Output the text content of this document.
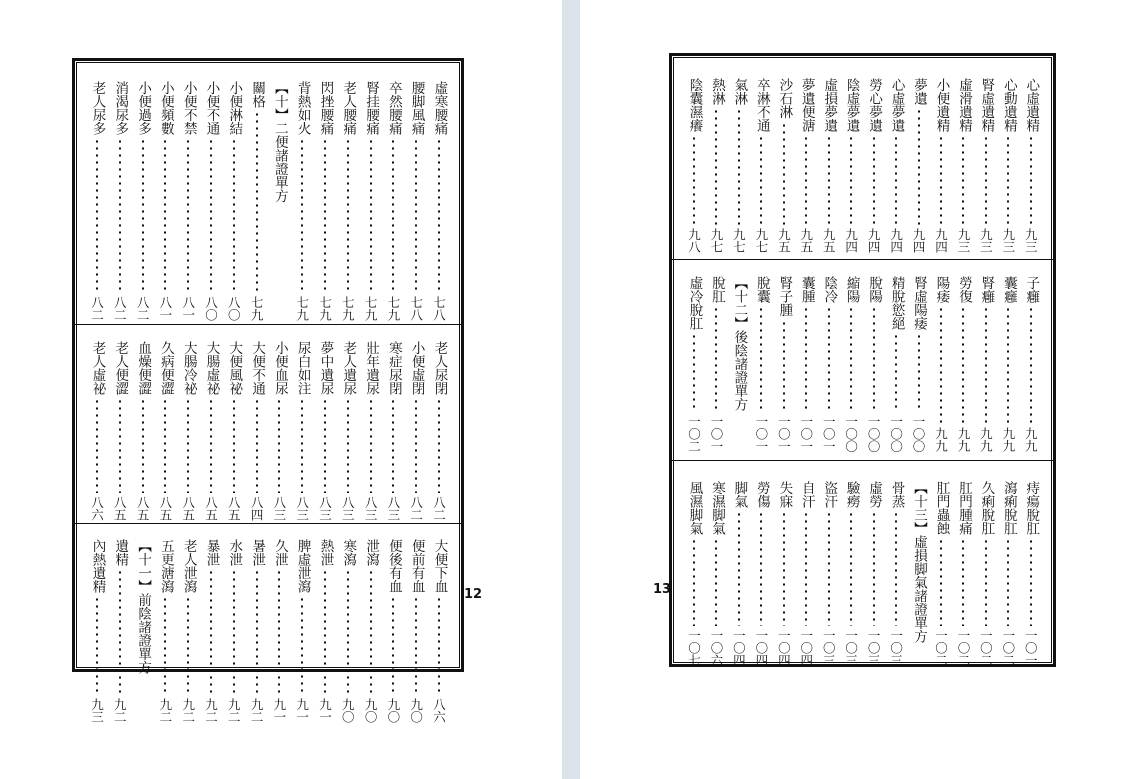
虛寒腰痛
七八
腰脚風痛
七八
卒然腰痛
七九
腎挂腰痛
七九
老人腰痛
七九
閃挫腰痛
七九
背熱如火
七九
【十】二便諸證單方
關格
七九
小便淋結
八〇
小便不通
八〇
小便不禁
八一
小便頻數
八一
小便過多
八二
消渴尿多
八二
老人尿多
八二
老人尿閉
八二
小便虛閉
八二
寒症尿閉
八三
壯年遺尿
八三
老人遺尿
八三
夢中遺尿
八三
尿白如注
八三
小便血尿
八三
大便不通
八四
大便風祕
八五
大腸虛祕
八五
大腸冷祕
八五
久病便澀
八五
血燥便澀
八五
老人便澀
八五
老人虛祕
八六
大便下血
八六
便前有血
九〇
便後有血
九〇
泄瀉
九〇
寒瀉
九〇
熱泄
九一
脾虛泄瀉
九一
久泄
九一
暑泄
九二
水泄
九二
暴泄
九二
老人泄瀉
九二
五更溏瀉
九二
【十一】前陰諸證單方
遺精
九二
內熱遺精
九三
12
心虛遺精
九三
心動遺精
九三
腎虛遺精
九三
虛滑遺精
九三
小便遺精
九四
夢遺
九四
心虛夢遺
九四
勞心夢遺
九四
陰虛夢遺
九四
虛損夢遺
九五
夢遺便溏
九五
沙石淋
九五
卒淋不通
九七
氣淋
九七
熱淋
九七
陰囊濕癢
九八
子癰
九九
囊癰
九九
腎癰
九九
勞復
九九
陽痿
九九
腎虛陽痿
一〇〇
精脫慾絕
一〇〇
脫陽
一〇〇
縮陽
一〇〇
陰冷
一〇一
囊腫
一〇一
腎子腫
一〇一
脫囊
一〇一
【十二】後陰諸證單方
脫肛
一〇一
虛冷脫肛
一〇二
痔瘍脫肛
一〇一
瀉痢脫肛
一〇二
久痢脫肛
一〇二
肛門腫痛
一〇二
肛門蟲蝕
一〇二
【十三】虛損脚氣諸證單方
骨蒸
一〇三
虛勞
一〇三
驗癆
一〇三
盜汗
一〇三
自汗
一〇四
失寐
一〇四
勞傷
一〇四
脚氣
一〇四
寒濕脚氣
一〇六
風濕脚氣
一〇七
13
